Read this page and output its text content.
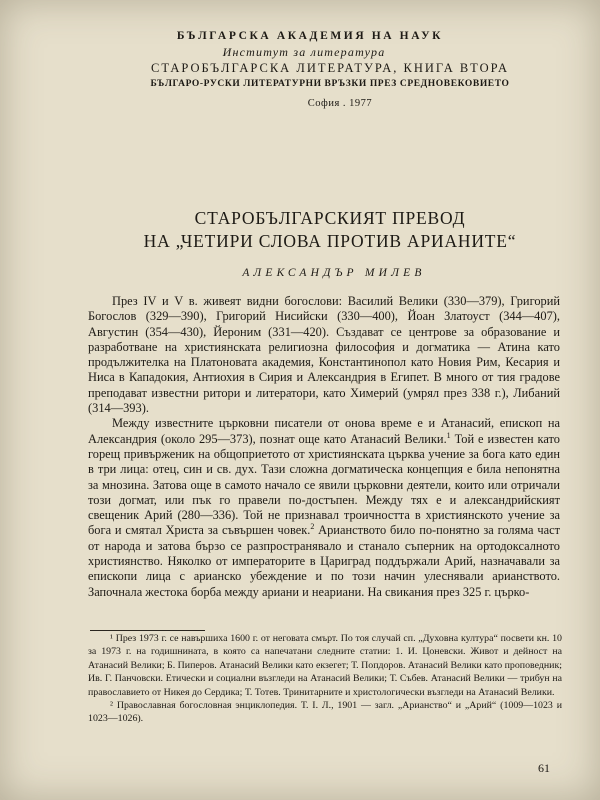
БЪЛГАРСКА АКАДЕМИЯ НА НАУК
Институт за литература
СТАРОБЪЛГАРСКА ЛИТЕРАТУРА, КНИГА ВТОРА
БЪЛГАРО-РУСКИ ЛИТЕРАТУРНИ ВРЪЗКИ ПРЕЗ СРЕДНОВЕКОВИЕТО
София . 1977
СТАРОБЪЛГАРСКИЯТ ПРЕВОД
НА „ЧЕТИРИ СЛОВА ПРОТИВ АРИАНИТЕ“
АЛЕКСАНДЪР МИЛЕВ

През IV и V в. живеят видни богослови: Василий Велики (330—379), Григорий Богослов (329—390), Григорий Нисийски (330—400), Йоан Златоуст (344—407), Августин (354—430), Йероним (331—420). Създават се центрове за образование и разработване на християнската религиозна философия и догматика — Атина като продължителка на Платоновата академия, Константинопол като Новия Рим, Кесария и Ниса в Кападокия, Антиохия в Сирия и Александрия в Египет. В много от тия градове преподават известни ритори и литератори, като Химерий (умрял през 338 г.), Либаний (314—393).

Между известните църковни писатели от онова време е и Атанасий, епископ на Александрия (около 295—373), познат още като Атанасий Велики.$^1$ Той е известен като горещ привърженик на общоприетото от християнската църква учение за бога като един в три лица: отец, син и св. дух. Тази сложна догматическа концепция е била непонятна за мнозина. Затова още в самото начало се явили църковни деятели, които или отричали този догмат, или пък го правели по-достъпен. Между тях е и александрийският свещеник Арий (280—336). Той не признавал троичността в християнското учение за бога и смятал Христа за съвършен човек.$^2$ Арианството било по-понятно за голяма част от народа и затова бързо се разпространявало и станало съперник на ортодоксалното християнство. Няколко от императорите в Цариград поддържали Арий, назначавали за епископи лица с арианско убеждение и по този начин улеснявали арианството. Започнала жестока борба между ариани и неариани. На свикания през 325 г. църко-

¹ През 1973 г. се навършиха 1600 г. от неговата смърт. По тоя случай сп. „Духовна култура“ посвети кн. 10 за 1973 г. на годишнината, в която са напечатани следните статии: 1. И. Цоневски. Живот и дейност на Атанасий Велики; Б. Пиперов. Атанасий Велики като екзегет; Т. Попдоров. Атанасий Велики като проповедник; Ив. Г. Панчовски. Етически и социални възгледи на Атанасий Велики; Т. Събев. Атанасий Велики — трибун на православието от Никея до Сердика; Т. Тотев. Тринитарните и христологически възгледи на Атанасий Велики.

² Православная богословная энциклопедия. Т. I. Л., 1901 — загл. „Арианство“ и „Арий“ (1009—1023 и 1023—1026).

61
